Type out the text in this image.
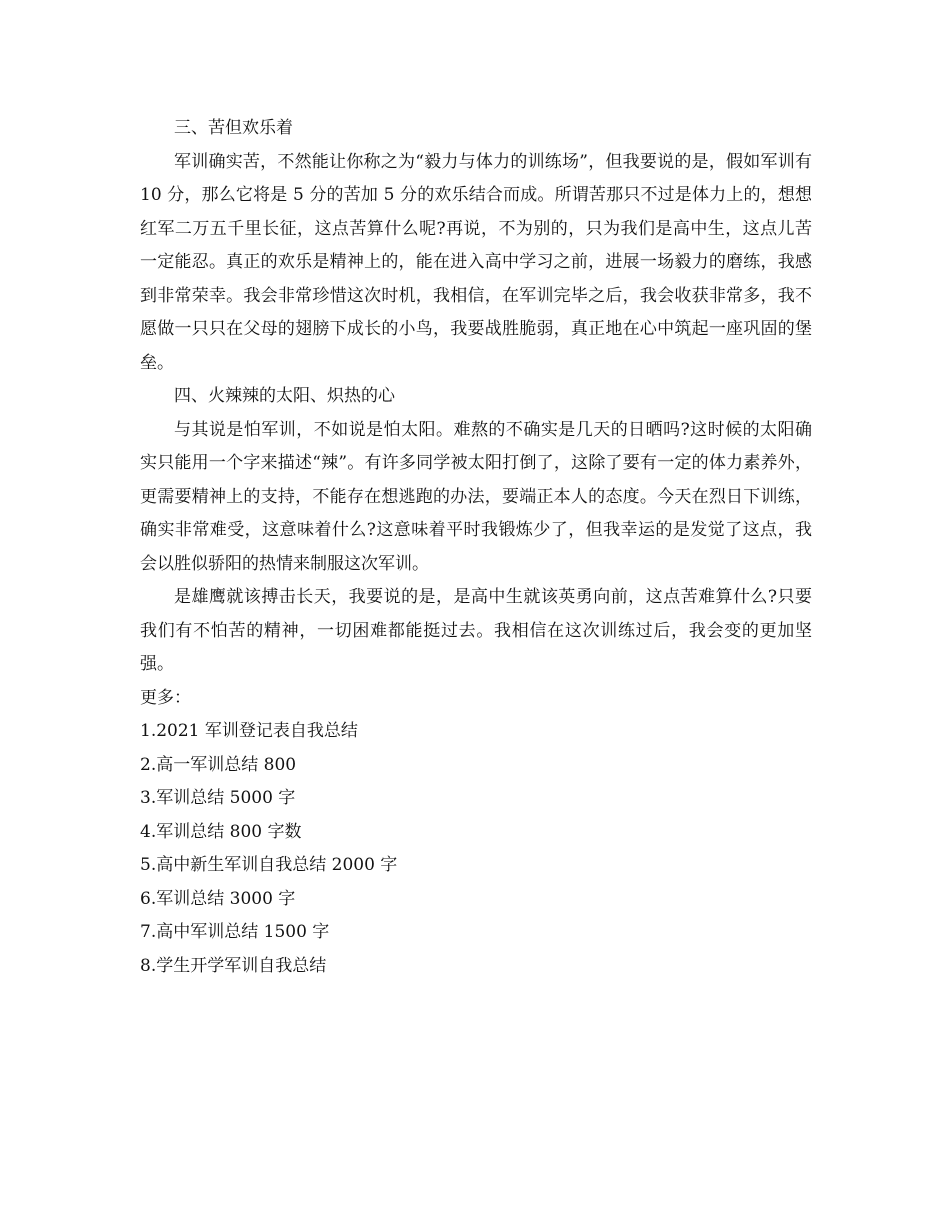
三、苦但欢乐着

军训确实苦，不然能让你称之为“毅力与体力的训练场”，但我要说的是，假如军训有 10 分，那么它将是 5 分的苦加 5 分的欢乐结合而成。所谓苦那只不过是体力上的，想想红军二万五千里长征，这点苦算什么呢?再说，不为别的，只为我们是高中生，这点儿苦一定能忍。真正的欢乐是精神上的，能在进入高中学习之前，进展一场毅力的磨练，我感到非常荣幸。我会非常珍惜这次时机，我相信，在军训完毕之后，我会收获非常多，我不愿做一只只在父母的翅膀下成长的小鸟，我要战胜脆弱，真正地在心中筑起一座巩固的堡垒。

四、火辣辣的太阳、炽热的心

与其说是怕军训，不如说是怕太阳。难熬的不确实是几天的日晒吗?这时候的太阳确实只能用一个字来描述“辣”。有许多同学被太阳打倒了，这除了要有一定的体力素养外，更需要精神上的支持，不能存在想逃跑的办法，要端正本人的态度。今天在烈日下训练，确实非常难受，这意味着什么?这意味着平时我锻炼少了，但我幸运的是发觉了这点，我会以胜似骄阳的热情来制服这次军训。

是雄鹰就该搏击长天，我要说的是，是高中生就该英勇向前，这点苦难算什么?只要我们有不怕苦的精神，一切困难都能挺过去。我相信在这次训练过后，我会变的更加坚强。

更多：

1.2021 军训登记表自我总结

2.高一军训总结 800

3.军训总结 5000 字

4.军训总结 800 字数

5.高中新生军训自我总结 2000 字

6.军训总结 3000 字

7.高中军训总结 1500 字

8.学生开学军训自我总结
